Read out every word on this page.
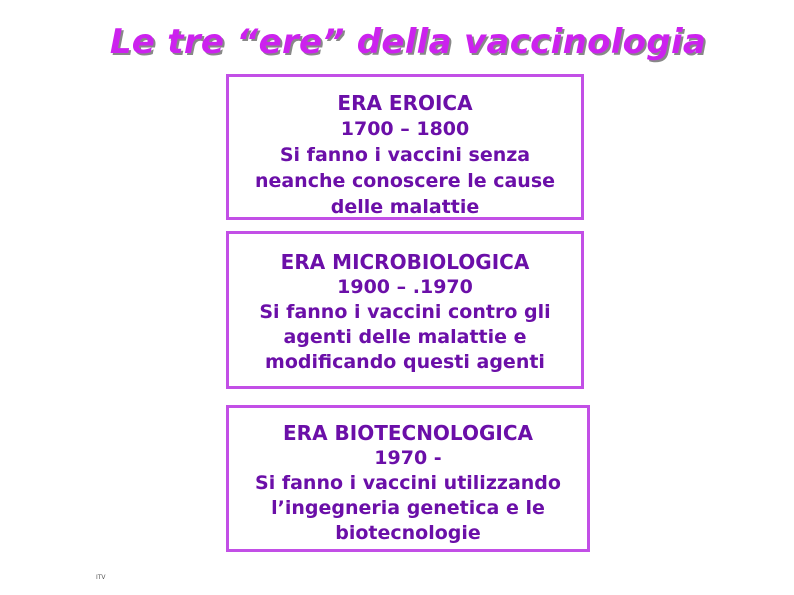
Le tre “ere” della vaccinologia
ERA EROICA
1700 – 1800
Si fanno i vaccini senza
neanche conoscere le cause
delle malattie
ERA MICROBIOLOGICA
1900 – .1970
Si fanno i vaccini contro gli
agenti delle malattie e
modificando questi agenti
ERA BIOTECNOLOGICA
1970 -
Si fanno i vaccini utilizzando
l’ingegneria genetica e le
biotecnologie
ITV
